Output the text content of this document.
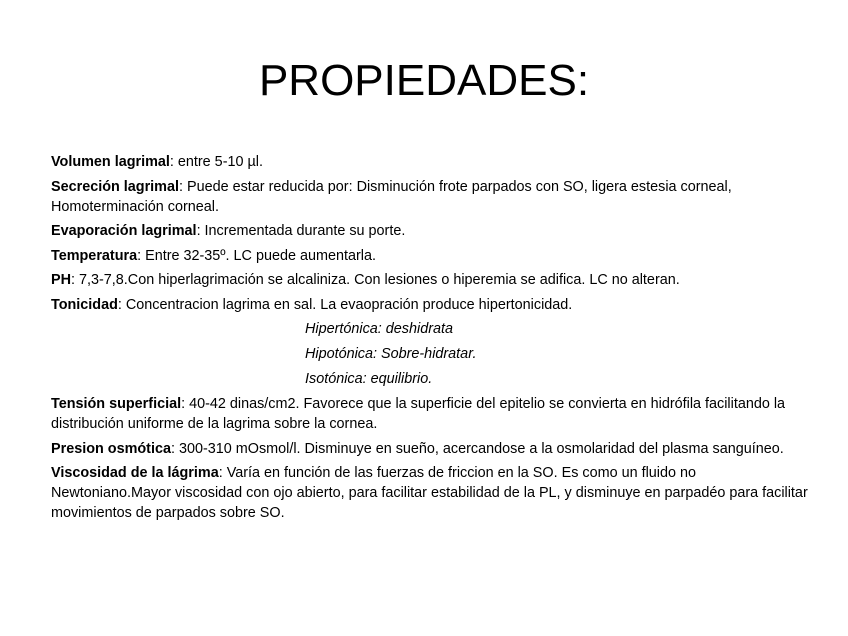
PROPIEDADES:

Volumen lagrimal: entre 5-10 µl.

Secreción lagrimal: Puede estar reducida por: Disminución frote parpados con SO, ligera estesia corneal, Homoterminación corneal.

Evaporación lagrimal: Incrementada durante su porte.

Temperatura: Entre 32-35º. LC puede aumentarla.

PH: 7,3-7,8.Con hiperlagrimación se alcaliniza. Con lesiones o hiperemia se adifica. LC no alteran.

Tonicidad: Concentracion lagrima en sal. La evaopración produce hipertonicidad.

Hipertónica: deshidrata

Hipotónica: Sobre-hidratar.

Isotónica: equilibrio.

Tensión superficial: 40-42 dinas/cm2. Favorece que la superficie del epitelio se convierta en hidrófila facilitando la distribución uniforme de la lagrima sobre la cornea.

Presion osmótica: 300-310 mOsmol/l. Disminuye en sueño, acercandose a la osmolaridad del plasma sanguíneo.

Viscosidad de la lágrima: Varía en función de las fuerzas de friccion en la SO. Es como un fluido no Newtoniano.Mayor viscosidad con ojo abierto, para facilitar estabilidad de la PL, y disminuye en parpadéo para facilitar movimientos de parpados sobre SO.
